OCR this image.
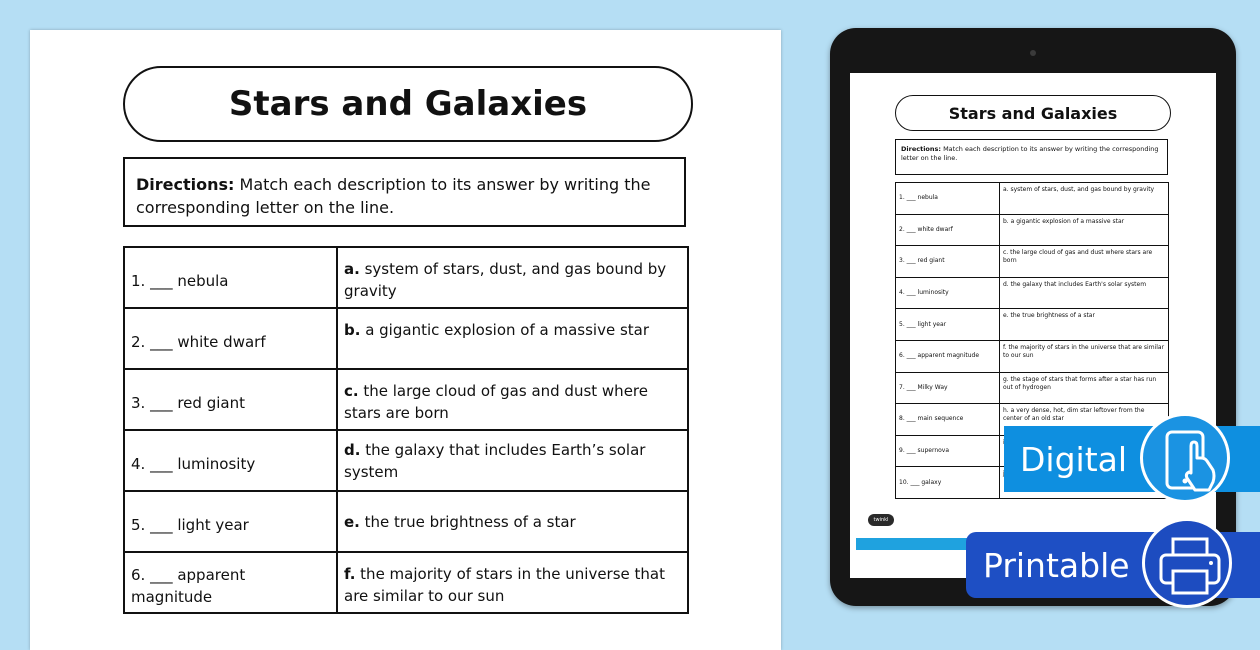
Stars and Galaxies
Directions: Match each description to its answer by writing the corresponding letter on the line.
1. ___ nebula	a. system of stars, dust, and gas bound by gravity
2. ___ white dwarf	b. a gigantic explosion of a massive star
3. ___ red giant	c. the large cloud of gas and dust where stars are born
4. ___ luminosity	d. the galaxy that includes Earth’s solar system
5. ___ light year	e. the true brightness of a star
6. ___ apparent magnitude	f. the majority of stars in the universe that are similar to our sun
Stars and Galaxies
Directions: Match each description to its answer by writing the corresponding letter on the line.
1. ___ nebula	a. system of stars, dust, and gas bound by gravity
2. ___ white dwarf	b. a gigantic explosion of a massive star
3. ___ red giant	c. the large cloud of gas and dust where stars are born
4. ___ luminosity	d. the galaxy that includes Earth's solar system
5. ___ light year	e. the true brightness of a star
6. ___ apparent magnitude	f. the majority of stars in the universe that are similar to our sun
7. ___ Milky Way	g. the stage of stars that forms after a star has run out of hydrogen
8. ___ main sequence	h. a very dense, hot, dim star leftover from the center of an old star
9. ___ supernova	
10. ___ galaxy	
twinkl
Digital
Printable
